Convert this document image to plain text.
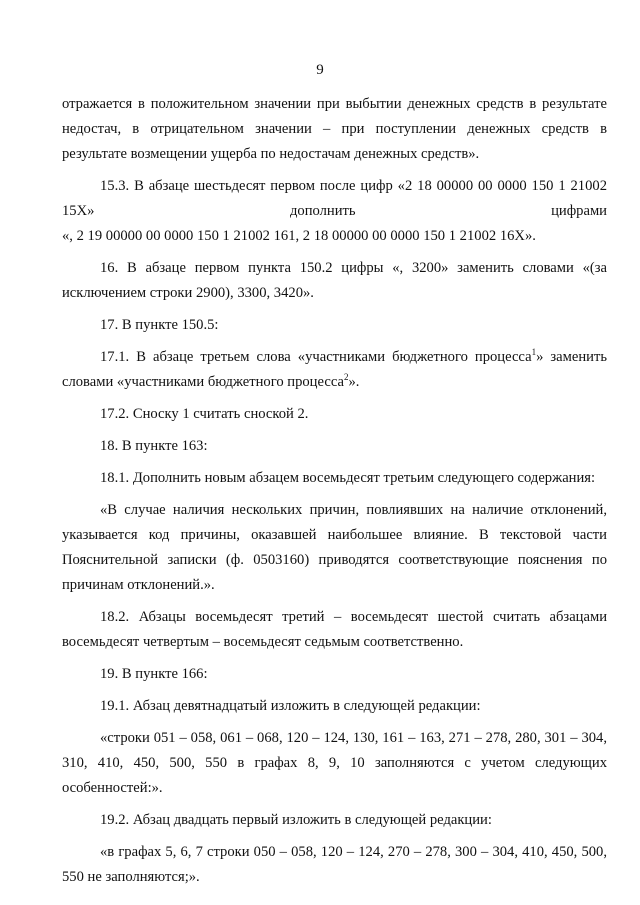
9

отражается в положительном значении при выбытии денежных средств в результате недостач, в отрицательном значении – при поступлении денежных средств в результате возмещении ущерба по недостачам денежных средств».

15.3. В абзаце шестьдесят первом после цифр «2 18 00000 00 0000 150 1 21002 15Х» дополнить цифрами

«, 2 19 00000 00 0000 150 1 21002 161, 2 18 00000 00 0000 150 1 21002 16Х».

16. В абзаце первом пункта 150.2 цифры «, 3200» заменить словами «(за исключением строки 2900), 3300, 3420».

17. В пункте 150.5:

17.1. В абзаце третьем слова «участниками бюджетного процесса$^1$» заменить словами «участниками бюджетного процесса$^2$».

17.2. Сноску 1 считать сноской 2.

18. В пункте 163:

18.1. Дополнить новым абзацем восемьдесят третьим следующего содержания:

«В случае наличия нескольких причин, повлиявших на наличие отклонений, указывается код причины, оказавшей наибольшее влияние. В текстовой части Пояснительной записки (ф. 0503160) приводятся соответствующие пояснения по причинам отклонений.».

18.2. Абзацы восемьдесят третий – восемьдесят шестой считать абзацами восемьдесят четвертым – восемьдесят седьмым соответственно.

19. В пункте 166:

19.1. Абзац девятнадцатый изложить в следующей редакции:

«строки 051 – 058, 061 – 068, 120 – 124, 130, 161 – 163, 271 – 278, 280, 301 – 304, 310, 410, 450, 500, 550 в графах 8, 9, 10 заполняются с учетом следующих особенностей:».

19.2. Абзац двадцать первый изложить в следующей редакции:

«в графах 5, 6, 7 строки 050 – 058, 120 – 124, 270 – 278, 300 – 304, 410, 450, 500, 550 не заполняются;».
